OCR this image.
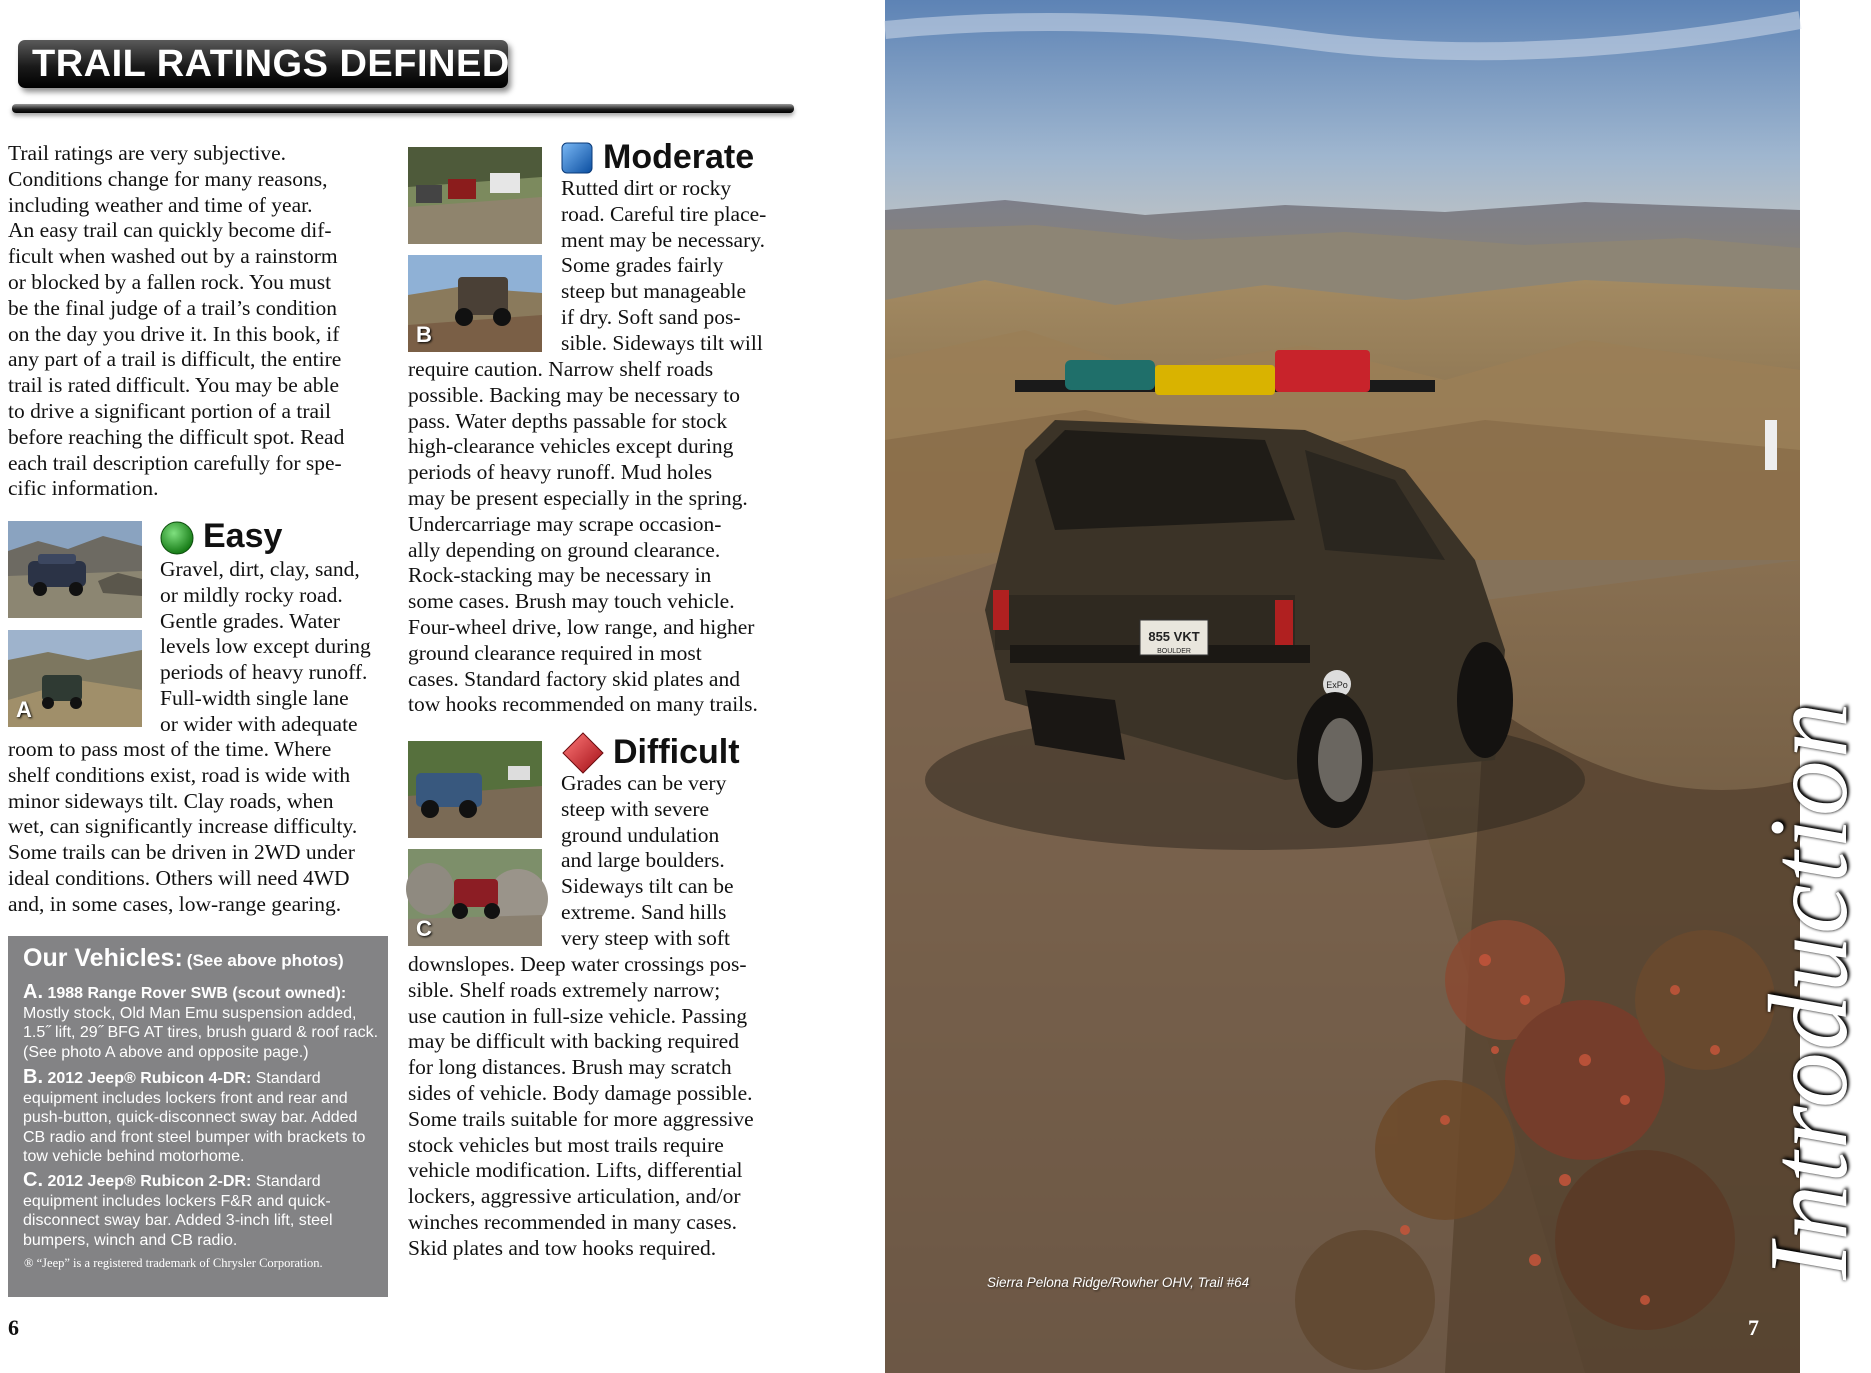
TRAIL RATINGS DEFINED

Trail ratings are very subjective.
Conditions change for many reasons,
including weather and time of year.
An easy trail can quickly become dif-
ficult when washed out by a rainstorm
or blocked by a fallen rock. You must
be the final judge of a trail’s condition
on the day you drive it. In this book, if
any part of a trail is difficult, the entire
trail is rated difficult. You may be able
to drive a significant portion of a trail
before reaching the difficult spot. Read
each trail description carefully for spe-
cific information.

A
Easy

Gravel, dirt, clay, sand,
or mildly rocky road.
Gentle grades. Water
levels low except during
periods of heavy runoff.
Full-width single lane
or wider with adequate

room to pass most of the time. Where
shelf conditions exist, road is wide with
minor sideways tilt. Clay roads, when
wet, can significantly increase difficulty.
Some trails can be driven in 2WD under
ideal conditions. Others will need 4WD
and, in some cases, low-range gearing.

Our Vehicles: (See above photos)
A. 1988 Range Rover SWB (scout owned): Mostly stock, Old Man Emu suspension added, 1.5˝ lift, 29˝ BFG AT tires, brush guard & roof rack. (See photo A above and opposite page.)
B. 2012 Jeep® Rubicon 4-DR: Standard equipment includes lockers front and rear and push-button, quick-disconnect sway bar. Added CB radio and front steel bumper with brackets to tow vehicle behind motorhome.
C. 2012 Jeep® Rubicon 2-DR: Standard equipment includes lockers F&R and quick-disconnect sway bar. Added 3-inch lift, steel bumpers, winch and CB radio.
® “Jeep” is a registered trademark of Chrysler Corporation.
B
Moderate

Rutted dirt or rocky
road. Careful tire place-
ment may be necessary.
Some grades fairly
steep but manageable
if dry. Soft sand pos-
sible. Sideways tilt will

require caution. Narrow shelf roads
possible. Backing may be necessary to
pass. Water depths passable for stock
high-clearance vehicles except during
periods of heavy runoff. Mud holes
may be present especially in the spring.
Undercarriage may scrape occasion-
ally depending on ground clearance.
Rock-stacking may be necessary in
some cases. Brush may touch vehicle.
Four-wheel drive, low range, and higher
ground clearance required in most
cases. Standard factory skid plates and
tow hooks recommended on many trails.

C
Difficult

Grades can be very
steep with severe
ground undulation
and large boulders.
Sideways tilt can be
extreme. Sand hills
very steep with soft

downslopes. Deep water crossings pos-
sible. Shelf roads extremely narrow;
use caution in full-size vehicle. Passing
may be difficult with backing required
for long distances. Brush may scratch
sides of vehicle. Body damage possible.
Some trails suitable for more aggressive
stock vehicles but most trails require
vehicle modification. Lifts, differential
lockers, aggressive articulation, and/or
winches recommended in many cases.
Skid plates and tow hooks required.

6
855 VKT
BOULDER
ExPo
Sierra Pelona Ridge/Rowher OHV, Trail #64
Introduction
7
